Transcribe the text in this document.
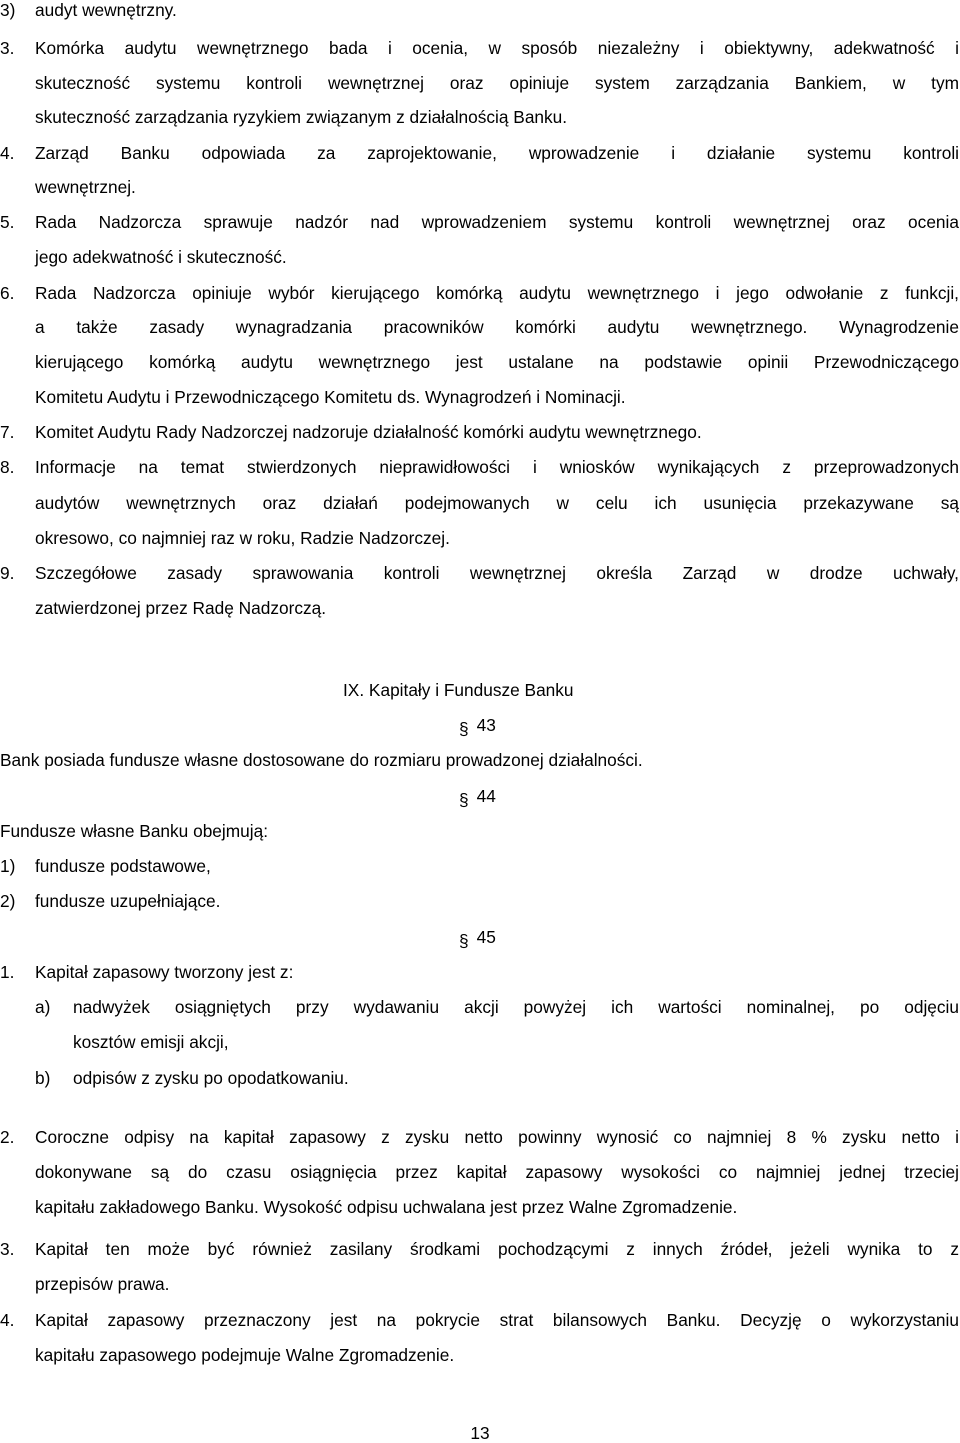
3) audyt wewnętrzny.
3. Komórka audytu wewnętrznego bada i ocenia, w sposób niezależny i obiektywny, adekwatność i
skuteczność systemu kontroli wewnętrznej oraz opiniuje system zarządzania Bankiem, w tym
skuteczność zarządzania ryzykiem związanym z działalnością Banku.
4. Zarząd Banku odpowiada za zaprojektowanie, wprowadzenie i działanie systemu kontroli
wewnętrznej.
5. Rada Nadzorcza sprawuje nadzór nad wprowadzeniem systemu kontroli wewnętrznej oraz ocenia
jego adekwatność i skuteczność.
6. Rada Nadzorcza opiniuje wybór kierującego komórką audytu wewnętrznego i jego odwołanie z funkcji,
a także zasady wynagradzania pracowników komórki audytu wewnętrznego. Wynagrodzenie
kierującego komórką audytu wewnętrznego jest ustalane na podstawie opinii Przewodniczącego
Komitetu Audytu i Przewodniczącego Komitetu ds. Wynagrodzeń i Nominacji.
7. Komitet Audytu Rady Nadzorczej nadzoruje działalność komórki audytu wewnętrznego.
8. Informacje na temat stwierdzonych nieprawidłowości i wniosków wynikających z przeprowadzonych
audytów wewnętrznych oraz działań podejmowanych w celu ich usunięcia przekazywane są
okresowo, co najmniej raz w roku, Radzie Nadzorczej.
9. Szczegółowe zasady sprawowania kontroli wewnętrznej określa Zarząd w drodze uchwały,
zatwierdzonej przez Radę Nadzorczą.
IX. Kapitały i Fundusze Banku
§ 43
Bank posiada fundusze własne dostosowane do rozmiaru prowadzonej działalności.
§ 44
Fundusze własne Banku obejmują:
1) fundusze podstawowe,
2) fundusze uzupełniające.
§ 45
1. Kapitał zapasowy tworzony jest z:
a) nadwyżek osiągniętych przy wydawaniu akcji powyżej ich wartości nominalnej, po odjęciu
kosztów emisji akcji,
b) odpisów z zysku po opodatkowaniu.
2. Coroczne odpisy na kapitał zapasowy z zysku netto powinny wynosić co najmniej 8 % zysku netto i
dokonywane są do czasu osiągnięcia przez kapitał zapasowy wysokości co najmniej jednej trzeciej
kapitału zakładowego Banku. Wysokość odpisu uchwalana jest przez Walne Zgromadzenie.
3. Kapitał ten może być również zasilany środkami pochodzącymi z innych źródeł, jeżeli wynika to z
przepisów prawa.
4. Kapitał zapasowy przeznaczony jest na pokrycie strat bilansowych Banku. Decyzję o wykorzystaniu
kapitału zapasowego podejmuje Walne Zgromadzenie.
13
